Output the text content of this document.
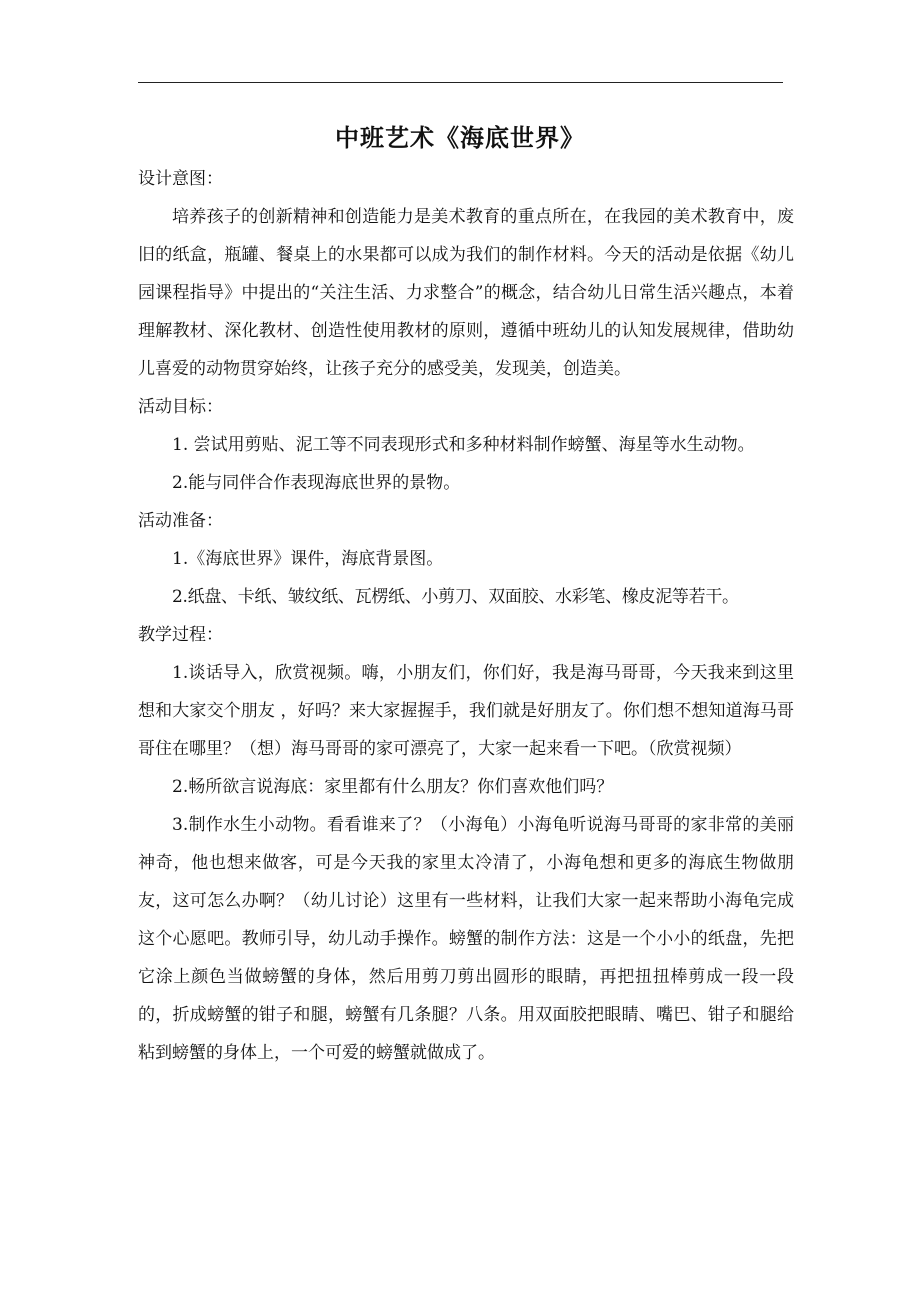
中班艺术《海底世界》

设计意图：

培养孩子的创新精神和创造能力是美术教育的重点所在，在我园的美术教育中，废旧的纸盒，瓶罐、餐桌上的水果都可以成为我们的制作材料。今天的活动是依据《幼儿园课程指导》中提出的“关注生活、力求整合”的概念，结合幼儿日常生活兴趣点，本着理解教材、深化教材、创造性使用教材的原则，遵循中班幼儿的认知发展规律，借助幼儿喜爱的动物贯穿始终，让孩子充分的感受美，发现美，创造美。

活动目标：

1. 尝试用剪贴、泥工等不同表现形式和多种材料制作螃蟹、海星等水生动物。

2.能与同伴合作表现海底世界的景物。

活动准备：

1.《海底世界》课件，海底背景图。

2.纸盘、卡纸、皱纹纸、瓦楞纸、小剪刀、双面胶、水彩笔、橡皮泥等若干。

教学过程：

1.谈话导入，欣赏视频。嗨，小朋友们，你们好，我是海马哥哥，今天我来到这里想和大家交个朋友 ，好吗？来大家握握手，我们就是好朋友了。你们想不想知道海马哥哥住在哪里？（想）海马哥哥的家可漂亮了，大家一起来看一下吧。（欣赏视频）

2.畅所欲言说海底：家里都有什么朋友？你们喜欢他们吗？

3.制作水生小动物。看看谁来了？（小海龟）小海龟听说海马哥哥的家非常的美丽神奇，他也想来做客，可是今天我的家里太冷清了，小海龟想和更多的海底生物做朋友，这可怎么办啊？（幼儿讨论）这里有一些材料，让我们大家一起来帮助小海龟完成这个心愿吧。教师引导，幼儿动手操作。螃蟹的制作方法：这是一个小小的纸盘，先把它涂上颜色当做螃蟹的身体，然后用剪刀剪出圆形的眼睛，再把扭扭棒剪成一段一段的，折成螃蟹的钳子和腿，螃蟹有几条腿？八条。用双面胶把眼睛、嘴巴、钳子和腿给粘到螃蟹的身体上，一个可爱的螃蟹就做成了。
